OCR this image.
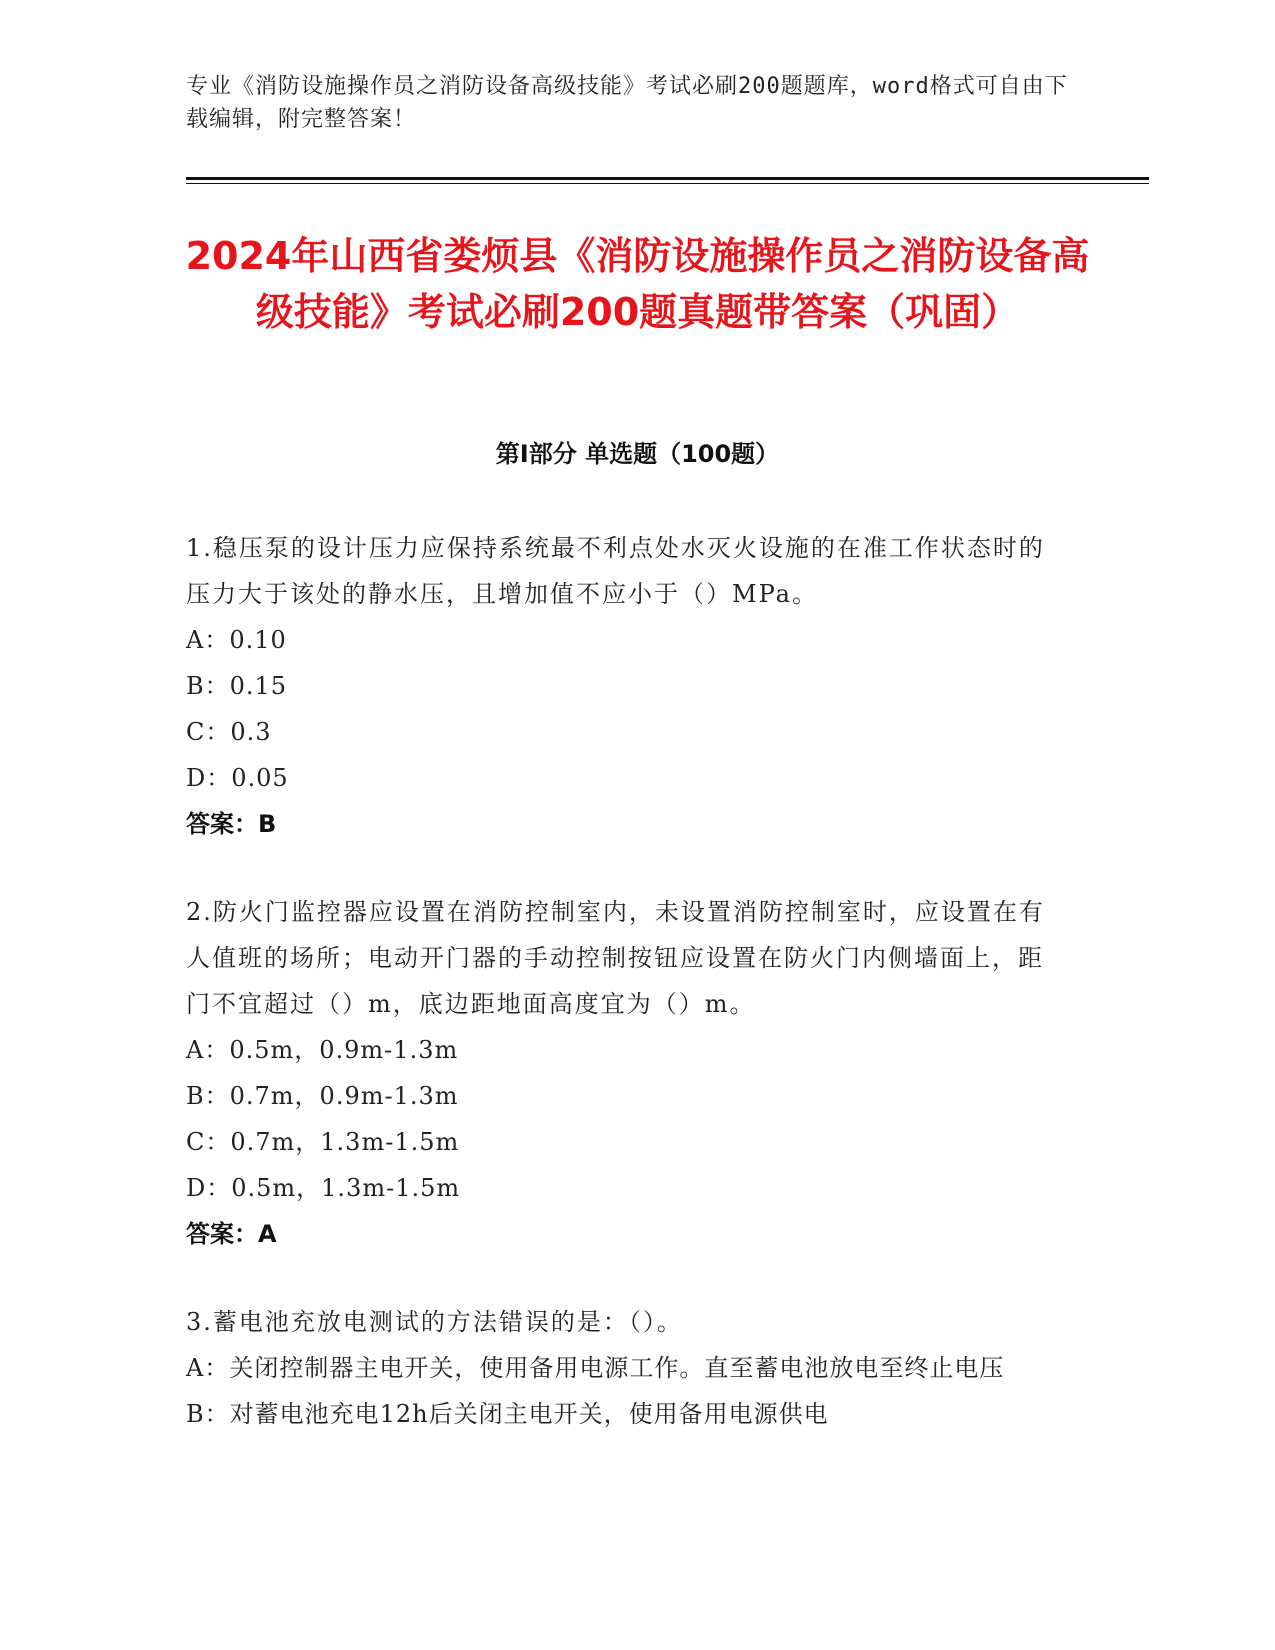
专业《消防设施操作员之消防设备高级技能》考试必刷200题题库，word格式可自由下载编辑，附完整答案！
2024年山西省娄烦县《消防设施操作员之消防设备高级技能》考试必刷200题真题带答案（巩固）
第Ⅰ部分 单选题（100题）

1.稳压泵的设计压力应保持系统最不利点处水灭火设施的在准工作状态时的压力大于该处的静水压，且增加值不应小于（）MPa。

A：0.10

B：0.15

C：0.3

D：0.05

答案：B

2.防火门监控器应设置在消防控制室内，未设置消防控制室时，应设置在有人值班的场所；电动开门器的手动控制按钮应设置在防火门内侧墙面上，距门不宜超过（）m，底边距地面高度宜为（）m。

A：0.5m，0.9m-1.3m

B：0.7m，0.9m-1.3m

C：0.7m，1.3m-1.5m

D：0.5m，1.3m-1.5m

答案：A

3.蓄电池充放电测试的方法错误的是：（）。

A：关闭控制器主电开关，使用备用电源工作。直至蓄电池放电至终止电压

B：对蓄电池充电12h后关闭主电开关，使用备用电源供电
